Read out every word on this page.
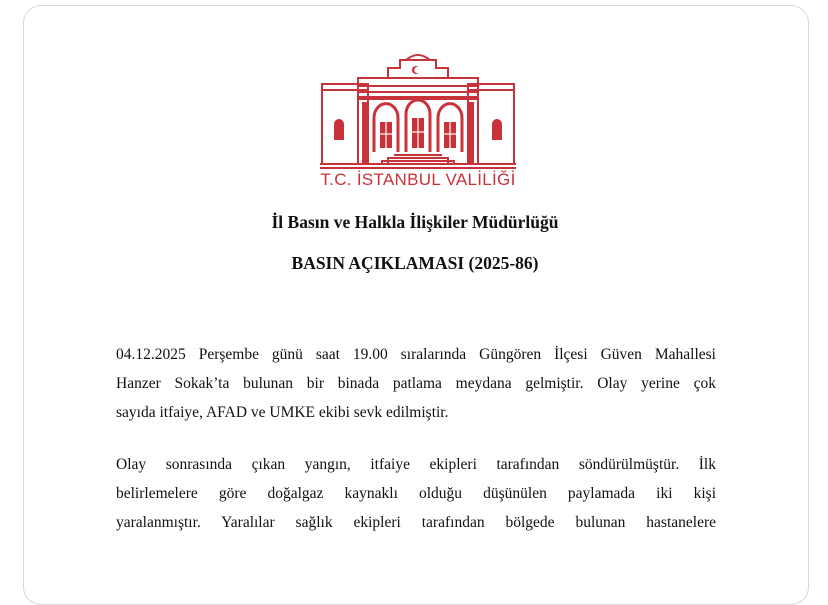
T.C. İSTANBUL VALİLİĞİ
İl Basın ve Halkla İlişkiler Müdürlüğü
BASIN AÇIKLAMASI (2025-86)
04.12.2025 Perşembe günü saat 19.00 sıralarında Güngören İlçesi Güven Mahallesi
Hanzer Sokak’ta bulunan bir binada patlama meydana gelmiştir. Olay yerine çok
sayıda itfaiye, AFAD ve UMKE ekibi sevk edilmiştir.
Olay sonrasında çıkan yangın, itfaiye ekipleri tarafından söndürülmüştür. İlk
belirlemelere göre doğalgaz kaynaklı olduğu düşünülen paylamada iki kişi
yaralanmıştır. Yaralılar sağlık ekipleri tarafından bölgede bulunan hastanelere
